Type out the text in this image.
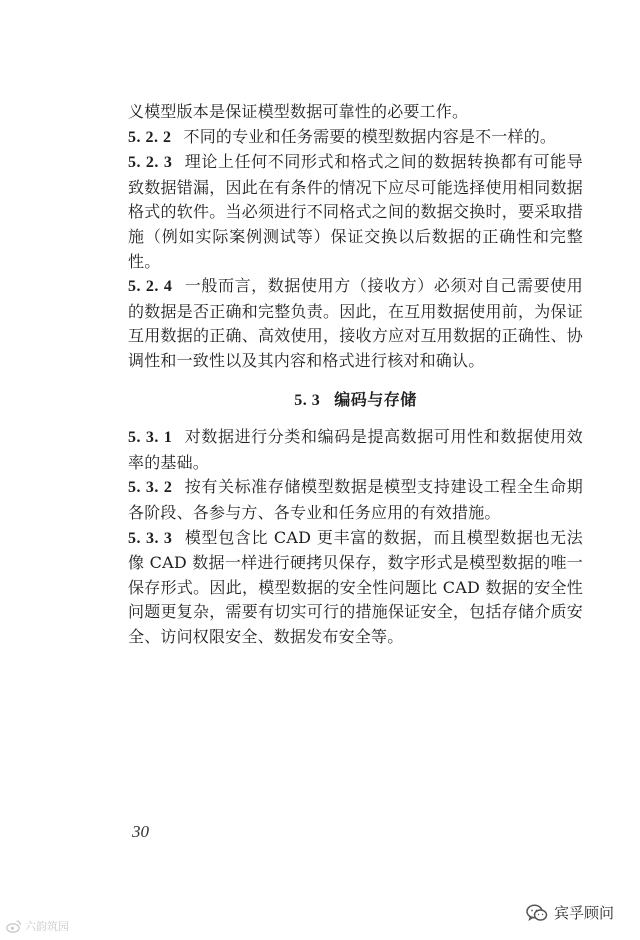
义模型版本是保证模型数据可靠性的必要工作。

5. 2. 2 不同的专业和任务需要的模型数据内容是不一样的。

5. 2. 3 理论上任何不同形式和格式之间的数据转换都有可能导致数据错漏，因此在有条件的情况下应尽可能选择使用相同数据格式的软件。当必须进行不同格式之间的数据交换时，要采取措施（例如实际案例测试等）保证交换以后数据的正确性和完整性。

5. 2. 4 一般而言，数据使用方（接收方）必须对自己需要使用的数据是否正确和完整负责。因此，在互用数据使用前，为保证互用数据的正确、高效使用，接收方应对互用数据的正确性、协调性和一致性以及其内容和格式进行核对和确认。

5. 3 编码与存储

5. 3. 1 对数据进行分类和编码是提高数据可用性和数据使用效率的基础。

5. 3. 2 按有关标准存储模型数据是模型支持建设工程全生命期各阶段、各参与方、各专业和任务应用的有效措施。

5. 3. 3 模型包含比 CAD 更丰富的数据，而且模型数据也无法像 CAD 数据一样进行硬拷贝保存，数字形式是模型数据的唯一保存形式。因此，模型数据的安全性问题比 CAD 数据的安全性问题更复杂，需要有切实可行的措施保证安全，包括存储介质安全、访问权限安全、数据发布安全等。

30
宾孚顾问
六韵筑园
